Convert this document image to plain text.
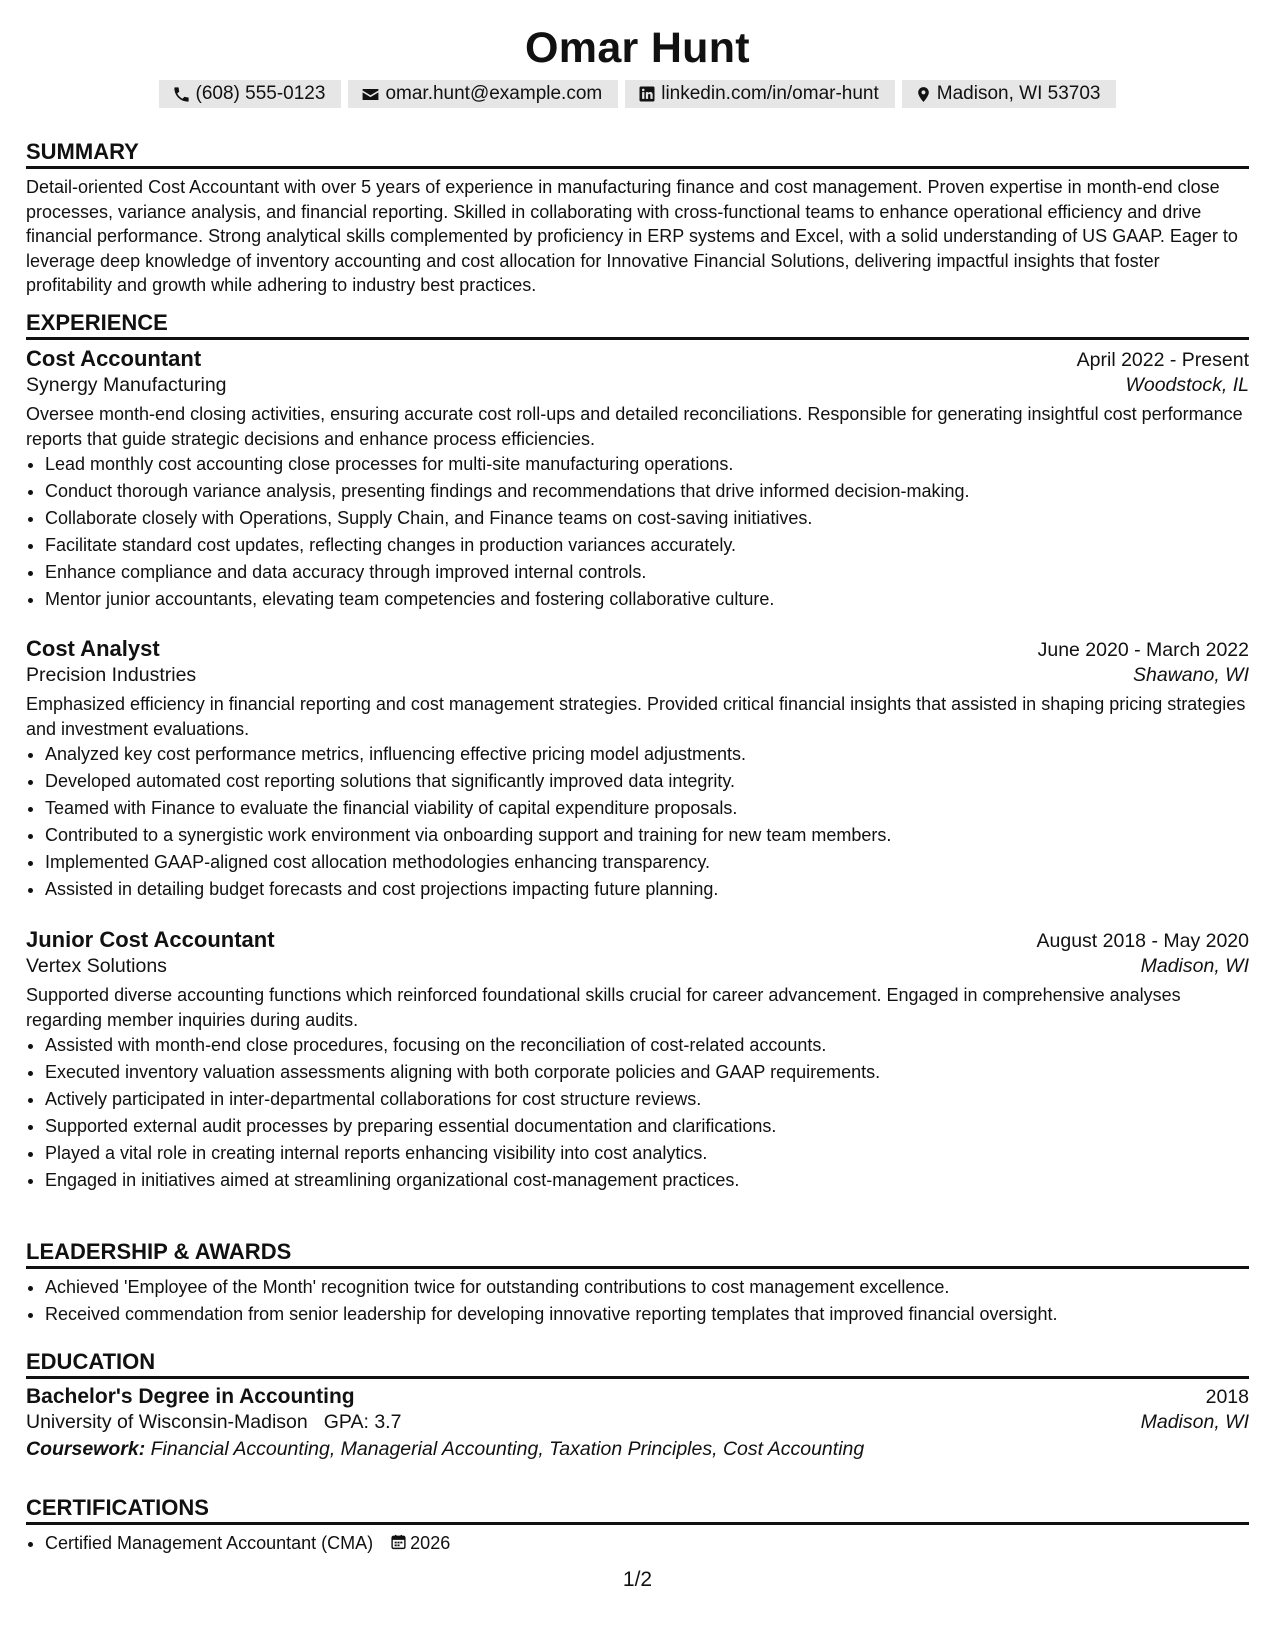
Omar Hunt
(608) 555-0123	omar.hunt@example.com	linkedin.com/in/omar-hunt	Madison, WI 53703
SUMMARY
Detail-oriented Cost Accountant with over 5 years of experience in manufacturing finance and cost management. Proven expertise in month-end close processes, variance analysis, and financial reporting. Skilled in collaborating with cross-functional teams to enhance operational efficiency and drive financial performance. Strong analytical skills complemented by proficiency in ERP systems and Excel, with a solid understanding of US GAAP. Eager to leverage deep knowledge of inventory accounting and cost allocation for Innovative Financial Solutions, delivering impactful insights that foster profitability and growth while adhering to industry best practices.
EXPERIENCE
Cost Accountant	April 2022 - Present
Synergy Manufacturing	Woodstock, IL
Oversee month-end closing activities, ensuring accurate cost roll-ups and detailed reconciliations. Responsible for generating insightful cost performance reports that guide strategic decisions and enhance process efficiencies.
• Lead monthly cost accounting close processes for multi-site manufacturing operations.
• Conduct thorough variance analysis, presenting findings and recommendations that drive informed decision-making.
• Collaborate closely with Operations, Supply Chain, and Finance teams on cost-saving initiatives.
• Facilitate standard cost updates, reflecting changes in production variances accurately.
• Enhance compliance and data accuracy through improved internal controls.
• Mentor junior accountants, elevating team competencies and fostering collaborative culture.
Cost Analyst	June 2020 - March 2022
Precision Industries	Shawano, WI
Emphasized efficiency in financial reporting and cost management strategies. Provided critical financial insights that assisted in shaping pricing strategies and investment evaluations.
• Analyzed key cost performance metrics, influencing effective pricing model adjustments.
• Developed automated cost reporting solutions that significantly improved data integrity.
• Teamed with Finance to evaluate the financial viability of capital expenditure proposals.
• Contributed to a synergistic work environment via onboarding support and training for new team members.
• Implemented GAAP-aligned cost allocation methodologies enhancing transparency.
• Assisted in detailing budget forecasts and cost projections impacting future planning.
Junior Cost Accountant	August 2018 - May 2020
Vertex Solutions	Madison, WI
Supported diverse accounting functions which reinforced foundational skills crucial for career advancement. Engaged in comprehensive analyses regarding member inquiries during audits.
• Assisted with month-end close procedures, focusing on the reconciliation of cost-related accounts.
• Executed inventory valuation assessments aligning with both corporate policies and GAAP requirements.
• Actively participated in inter-departmental collaborations for cost structure reviews.
• Supported external audit processes by preparing essential documentation and clarifications.
• Played a vital role in creating internal reports enhancing visibility into cost analytics.
• Engaged in initiatives aimed at streamlining organizational cost-management practices.
LEADERSHIP & AWARDS
• Achieved 'Employee of the Month' recognition twice for outstanding contributions to cost management excellence.
• Received commendation from senior leadership for developing innovative reporting templates that improved financial oversight.
EDUCATION
Bachelor's Degree in Accounting	2018
University of Wisconsin-Madison GPA: 3.7	Madison, WI
Coursework: Financial Accounting, Managerial Accounting, Taxation Principles, Cost Accounting
CERTIFICATIONS
• Certified Management Accountant (CMA) 2026
1/2
